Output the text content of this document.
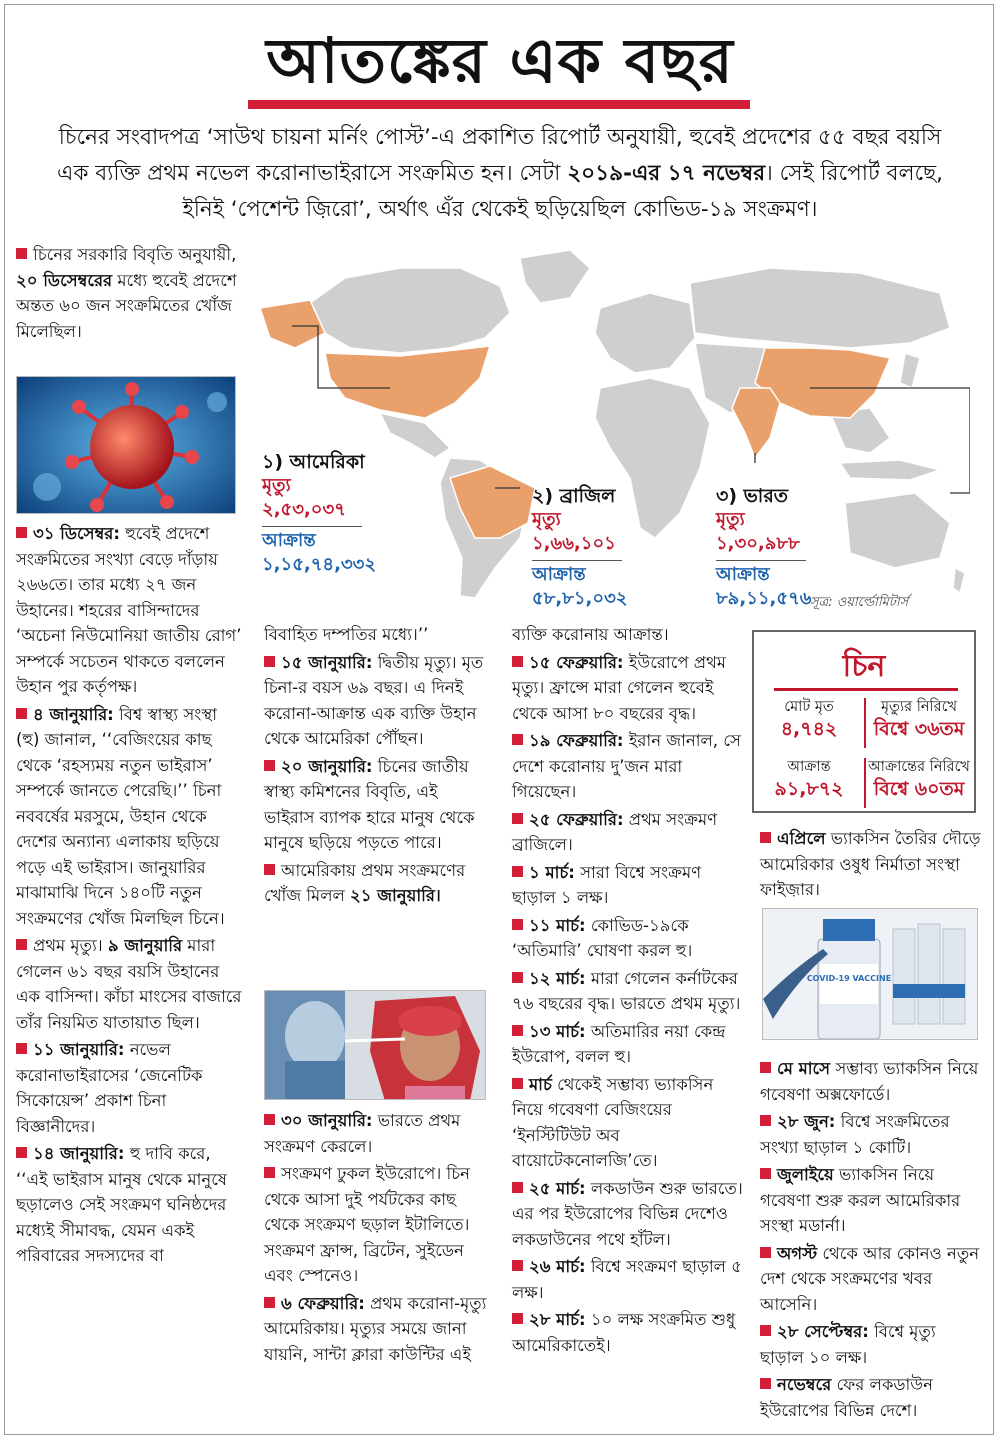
আতঙ্কের এক বছর
চিনের সংবাদপত্র ‘সাউথ চায়না মর্নিং পোস্ট’-এ প্রকাশিত রিপোর্ট অনুযায়ী, হুবেই প্রদেশের ৫৫ বছর বয়সি
এক ব্যক্তি প্রথম নভেল করোনাভাইরাসে সংক্রমিত হন। সেটা ২০১৯-এর ১৭ নভেম্বর। সেই রিপোর্ট বলছে,
ইনিই ‘পেশেন্ট জ়িরো’, অর্থাৎ এঁর থেকেই ছড়িয়েছিল কোভিড-১৯ সংক্রমণ।
চিনের সরকারি বিবৃতি অনুযায়ী, ২০ ডিসেম্বরের মধ্যে হুবেই প্রদেশে অন্তত ৬০ জন সংক্রমিতের খোঁজ মিলেছিল।
৩১ ডিসেম্বর: হুবেই প্রদেশে সংক্রমিতের সংখ্যা বেড়ে দাঁড়ায় ২৬৬তে। তার মধ্যে ২৭ জন উহানের। শহরের বাসিন্দাদের ‘অচেনা নিউমোনিয়া জাতীয় রোগ’ সম্পর্কে সচেতন থাকতে বললেন উহান পুর কর্তৃপক্ষ।
৪ জানুয়ারি: বিশ্ব স্বাস্থ্য সংস্থা (হু) জানাল, ‘‘বেজিংয়ের কাছ থেকে ‘রহস্যময় নতুন ভাইরাস’ সম্পর্কে জানতে পেরেছি।’’ চিনা নববর্ষের মরসুমে, উহান থেকে দেশের অন্যান্য এলাকায় ছড়িয়ে পড়ে এই ভাইরাস। জানুয়ারির মাঝামাঝি দিনে ১৪০টি নতুন সংক্রমণের খোঁজ মিলছিল চিনে।
প্রথম মৃত্যু। ৯ জানুয়ারি মারা গেলেন ৬১ বছর বয়সি উহানের এক বাসিন্দা। কাঁচা মাংসের বাজারে তাঁর নিয়মিত যাতায়াত ছিল।
১১ জানুয়ারি: নভেল করোনাভাইরাসের ‘জেনেটিক সিকোয়েন্স’ প্রকাশ চিনা বিজ্ঞানীদের।
১৪ জানুয়ারি: হু দাবি করে, ‘‘এই ভাইরাস মানুষ থেকে মানুষে ছড়ালেও সেই সংক্রমণ ঘনিষ্ঠদের মধ্যেই সীমাবদ্ধ, যেমন একই পরিবারের সদস্যদের বা
১) আমেরিকা
মৃত্যু
২,৫৩,০৩৭
আক্রান্ত
১,১৫,৭৪,৩৩২
২) ব্রাজিল
মৃত্যু
১,৬৬,১০১
আক্রান্ত
৫৮,৮১,০৩২
৩) ভারত
মৃত্যু
১,৩০,৯৮৮
আক্রান্ত
৮৯,১১,৫৭৬
সূত্র: ওয়ার্ল্ডোমিটার্স
বিবাহিত দম্পতির মধ্যে।’’
১৫ জানুয়ারি: দ্বিতীয় মৃত্যু। মৃত চিনা-র বয়স ৬৯ বছর। এ দিনই করোনা-আক্রান্ত এক ব্যক্তি উহান থেকে আমেরিকা পৌঁছন।
২০ জানুয়ারি: চিনের জাতীয় স্বাস্থ্য কমিশনের বিবৃতি, এই ভাইরাস ব্যাপক হারে মানুষ থেকে মানুষে ছড়িয়ে পড়তে পারে।
আমেরিকায় প্রথম সংক্রমণের খোঁজ মিলল ২১ জানুয়ারি।
৩০ জানুয়ারি: ভারতে প্রথম সংক্রমণ কেরলে।
সংক্রমণ ঢুকল ইউরোপে। চিন থেকে আসা দুই পর্যটকের কাছ থেকে সংক্রমণ ছড়াল ইটালিতে। সংক্রমণ ফ্রান্স, ব্রিটেন, সুইডেন এবং স্পেনেও।
৬ ফেব্রুয়ারি: প্রথম করোনা-মৃত্যু আমেরিকায়। মৃত্যুর সময়ে জানা যায়নি, সান্টা ক্লারা কাউন্টির এই
ব্যক্তি করোনায় আক্রান্ত।
১৫ ফেব্রুয়ারি: ইউরোপে প্রথম মৃত্যু। ফ্রান্সে মারা গেলেন হুবেই থেকে আসা ৮০ বছরের বৃদ্ধ।
১৯ ফেব্রুয়ারি: ইরান জানাল, সে দেশে করোনায় দু’জন মারা গিয়েছেন।
২৫ ফেব্রুয়ারি: প্রথম সংক্রমণ ব্রাজিলে।
১ মার্চ: সারা বিশ্বে সংক্রমণ ছাড়াল ১ লক্ষ।
১১ মার্চ: কোভিড-১৯কে ‘অতিমারি’ ঘোষণা করল হু।
১২ মার্চ: মারা গেলেন কর্নাটকের ৭৬ বছরের বৃদ্ধ। ভারতে প্রথম মৃত্যু।
১৩ মার্চ: অতিমারির নয়া কেন্দ্র ইউরোপ, বলল হু।
মার্চ থেকেই সম্ভাব্য ভ্যাকসিন নিয়ে গবেষণা বেজিংয়ের ‘ইনস্টিটিউট অব বায়োটেকনোলজি’তে।
২৫ মার্চ: লকডাউন শুরু ভারতে। এর পর ইউরোপের বিভিন্ন দেশেও লকডাউনের পথে হাঁটল।
২৬ মার্চ: বিশ্বে সংক্রমণ ছাড়াল ৫ লক্ষ।
২৮ মার্চ: ১০ লক্ষ সংক্রমিত শুধু আমেরিকাতেই।
চিন
মোট মৃত
৪,৭৪২
মৃত্যুর নিরিখে
বিশ্বে ৩৬তম
আক্রান্ত
৯১,৮৭২
আক্রান্তের নিরিখে
বিশ্বে ৬০তম
এপ্রিলে ভ্যাকসিন তৈরির দৌড়ে আমেরিকার ওষুধ নির্মাতা সংস্থা ফাইজ়ার।
COVID-19 VACCINE
মে মাসে সম্ভাব্য ভ্যাকসিন নিয়ে গবেষণা অক্সফোর্ডে।
২৮ জুন: বিশ্বে সংক্রমিতের সংখ্যা ছাড়াল ১ কোটি।
জুলাইয়ে ভ্যাকসিন নিয়ে গবেষণা শুরু করল আমেরিকার সংস্থা মডার্না।
অগস্ট থেকে আর কোনও নতুন দেশ থেকে সংক্রমণের খবর আসেনি।
২৮ সেপ্টেম্বর: বিশ্বে মৃত্যু ছাড়াল ১০ লক্ষ।
নভেম্বরে ফের লকডাউন ইউরোপের বিভিন্ন দেশে।
